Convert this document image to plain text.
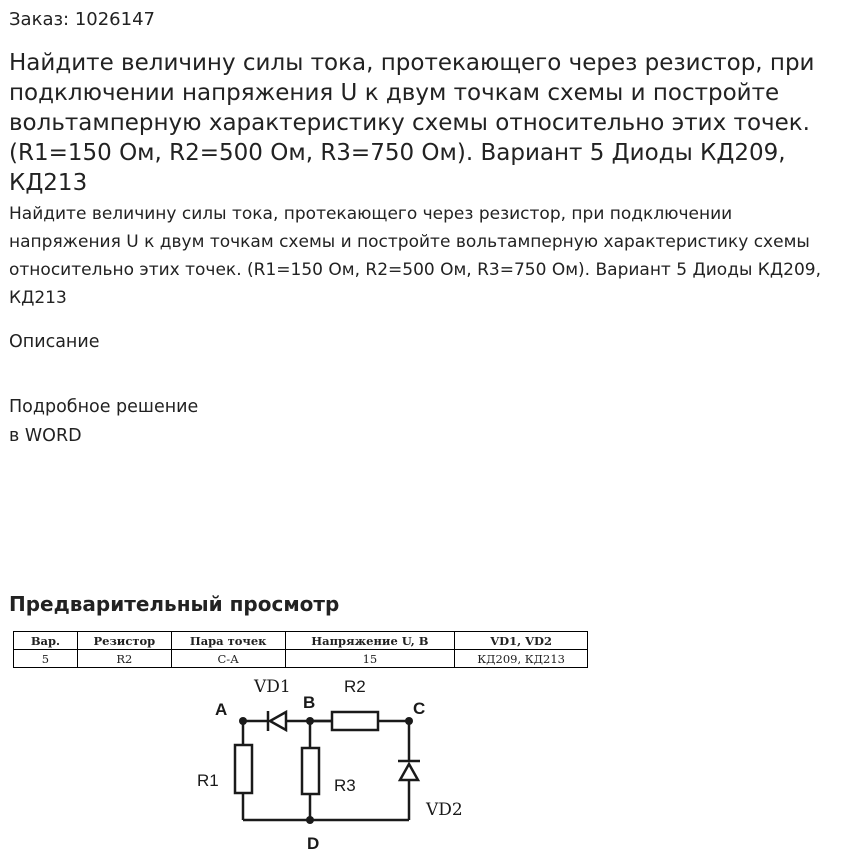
Заказ: 1026147
Найдите величину силы тока, протекающего через резистор, при подключении напряжения U к двум точкам схемы и постройте вольтамперную характеристику схемы относительно этих точек. (R1=150 Ом, R2=500 Ом, R3=750 Ом). Вариант 5 Диоды КД209, КД213

Найдите величину силы тока, протекающего через резистор, при подключении напряжения U к двум точкам схемы и постройте вольтамперную характеристику схемы относительно этих точек. (R1=150 Ом, R2=500 Ом, R3=750 Ом). Вариант 5 Диоды КД209, КД213

Описание
Подробное решение
в WORD
Предварительный просмотр
Вар.	Резистор	Пара точек	Напряжение U, В	VD1, VD2
5	R2	С-А	15	КД209, КД213
A	B	C
D
VD1
VD2
R1
R2
R3
